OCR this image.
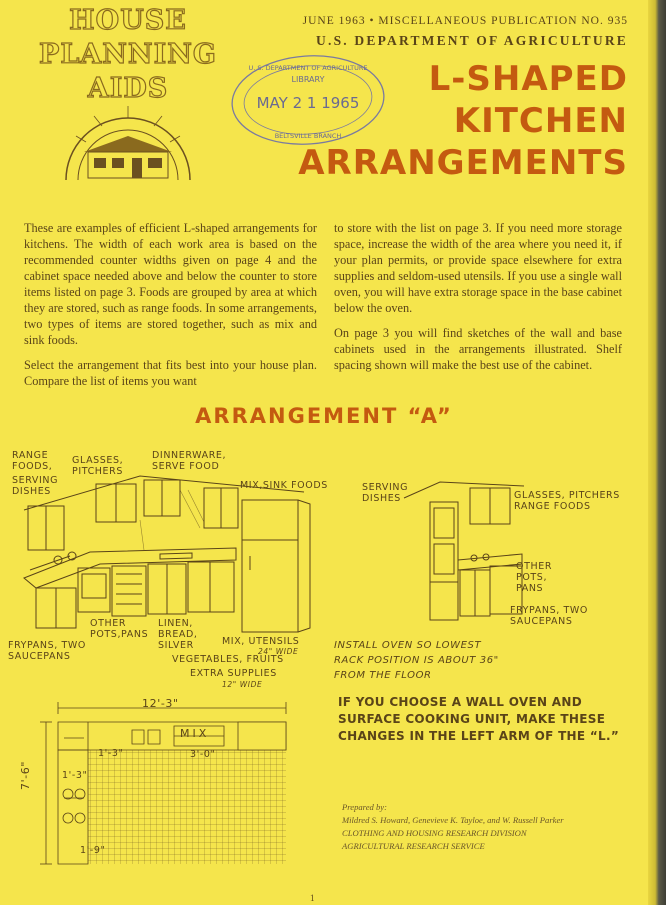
HOUSE
PLANNING
AIDS
JUNE 1963 • MISCELLANEOUS PUBLICATION NO. 935
U.S. DEPARTMENT OF AGRICULTURE
U. S. DEPARTMENT OF AGRICULTURE
LIBRARY
MAY 2 1 1965
BELTSVILLE BRANCH
L-SHAPED
KITCHEN
ARRANGEMENTS

These are examples of efficient L-shaped arrangements for kitchens. The width of each work area is based on the recommended counter widths given on page 4 and the cabinet space needed above and below the counter to store items listed on page 3. Foods are grouped by area at which they are stored, such as range foods. In some arrangements, two types of items are stored together, such as mix and sink foods.

Select the arrangement that fits best into your house plan. Compare the list of items you want

to store with the list on page 3. If you need more storage space, increase the width of the area where you need it, if your plan permits, or provide space elsewhere for extra supplies and seldom-used utensils. If you use a single wall oven, you will have extra storage space in the base cabinet below the oven.

On page 3 you will find sketches of the wall and base cabinets used in the arrangements illustrated. Shelf spacing shown will make the best use of the cabinet.

ARRANGEMENT “A”
RANGE FOODS,
SERVING DISHES
GLASSES, PITCHERS
DINNERWARE, SERVE FOOD
MIX,SINK FOODS
FRYPANS, TWO SAUCEPANS
OTHER POTS,PANS
LINEN, BREAD, SILVER	MIX, UTENSILS
24" WIDE
VEGETABLES, FRUITS
EXTRA SUPPLIES
12" WIDE
12'-3"
7'-6"
MIX
3'-0"
1'-3"
1'-3"
1'-9"
SERVING DISHES	GLASSES, PITCHERS RANGE FOODS
OTHER POTS, PANS
FRYPANS, TWO SAUCEPANS
INSTALL OVEN SO LOWEST RACK POSITION IS ABOUT 36" FROM THE FLOOR
IF YOU CHOOSE A WALL OVEN AND SURFACE COOKING UNIT, MAKE THESE CHANGES IN THE LEFT ARM OF THE “L.”
Prepared by:
Mildred S. Howard, Genevieve K. Tayloe, and W. Russell Parker
CLOTHING AND HOUSING RESEARCH DIVISION
AGRICULTURAL RESEARCH SERVICE
1
